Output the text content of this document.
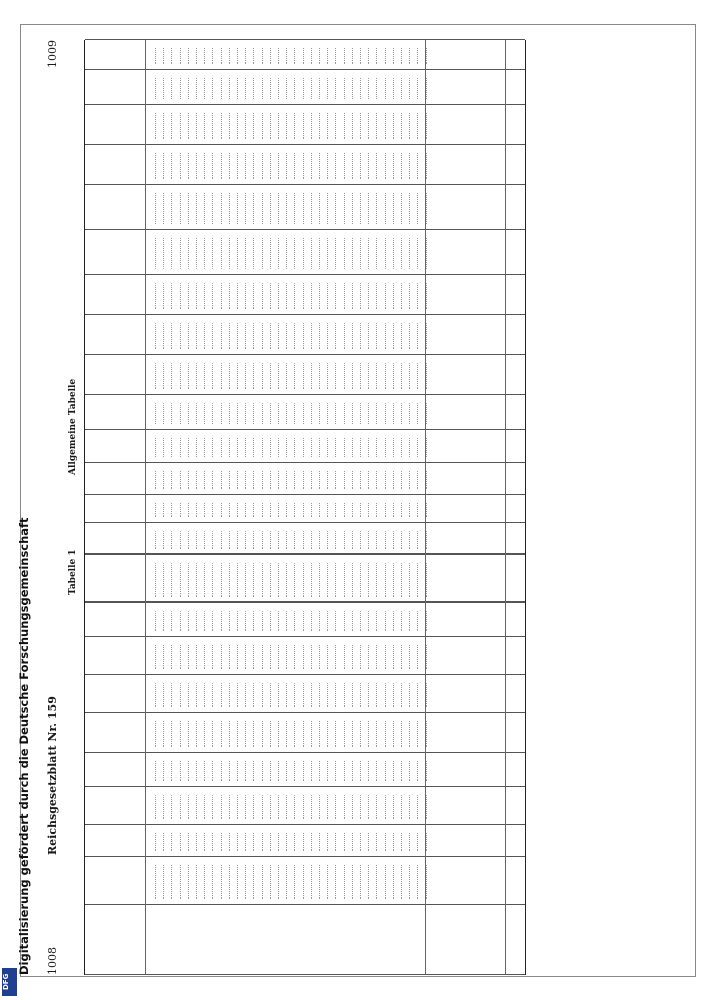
Digitalisierung gefördert durch die Deutsche Forschungsgemeinschaft
DFG
1008
Reichsgesetzblatt Nr. 159
1009
Tabelle 1
Allgemeine Tabelle
